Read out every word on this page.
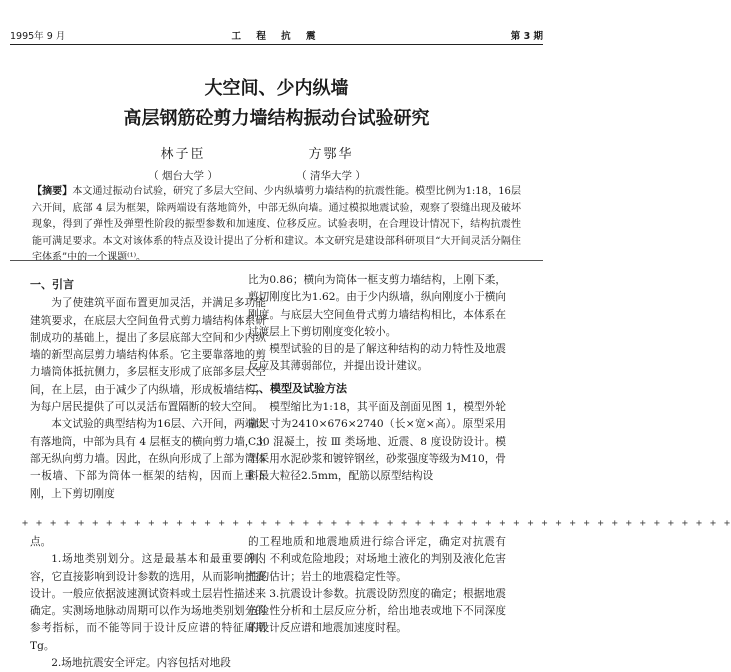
1995年 9 月	工 程 抗 震	第 3 期
大空间、少内纵墙
高层钢筋砼剪力墙结构振动台试验研究
林子臣
（ 烟台大学 ）
方鄂华
（ 清华大学 ）
【摘要】本文通过振动台试验，研究了多层大空间、少内纵墙剪力墙结构的抗震性能。模型比例为1:18，16层六开间，底部 4 层为框架，除两端设有落地筒外，中部无纵向墙。通过模拟地震试验，观察了裂缝出现及破坏现象，得到了弹性及弹塑性阶段的振型参数和加速度、位移反应。试验表明，在合理设计情况下，结构抗震性能可满足要求。本文对该体系的特点及设计提出了分析和建议。本文研究是建设部科研项目“大开间灵活分隔住宅体系”中的一个课题⁽¹⁾。

一、引言

为了使建筑平面布置更加灵活，并满足多功能建筑要求，在底层大空间鱼骨式剪力墙结构体系研制成功的基础上，提出了多层底部大空间和少内纵墙的新型高层剪力墙结构体系。它主要靠落地的剪力墙筒体抵抗侧力，多层框支形成了底部多层大空间，在上层，由于减少了内纵墙，形成板墙结构，为每户居民提供了可以灵活布置隔断的较大空间。

本文试验的典型结构为16层、六开间，两端设有落地筒，中部为具有 4 层框支的横向剪力墙，上部无纵向剪力墙。因此，在纵向形成了上部为筒体一板墙、下部为筒体一框架的结构，因而上重下刚，上下剪切刚度

比为0.86；横向为筒体一框支剪力墙结构，上刚下柔，剪切刚度比为1.62。由于少内纵墙，纵向刚度小于横向刚度。与底层大空间鱼骨式剪力墙结构相比，本体系在过渡层上下剪切刚度变化较小。

模型试验的目的是了解这种结构的动力特性及地震反应及其薄弱部位，并提出设计建议。

二、模型及试验方法

模型缩比为1:18，其平面及剖面见图 1，模型外轮廓尺寸为2410×676×2740（长×宽×高）。原型采用 C30 混凝土，按 Ⅲ 类场地、近震、8 度设防设计。模型采用水泥砂浆和镀锌钢丝，砂浆强度等级为M10，骨料最大粒径2.5mm，配筋以原型结构设

+ + + + + + + + + + + + + + + + + + + + + + + + + + + + + + + + + + + + + + + + + + + + + + + + + + +

点。

1.场地类别划分。这是最基本和最重要的内容，它直接影响到设计参数的选用，从而影响抗震设计。一般应依据波速测试资料或土层岩性描述来确定。实测场地脉动周期可以作为场地类别划分的参考指标，而不能等同于设计反应谱的特征周期Tg。

2.场地抗震安全评定。内容包括对地段

的工程地质和地震地质进行综合评定，确定对抗震有利、不利或危险地段；对场地土液化的判别及液化危害性的估计；岩土的地震稳定性等。

3.抗震设计参数。抗震设防烈度的确定；根据地震危险性分析和土层反应分析，给出地表或地下不同深度的设计反应谱和地震加速度时程。
